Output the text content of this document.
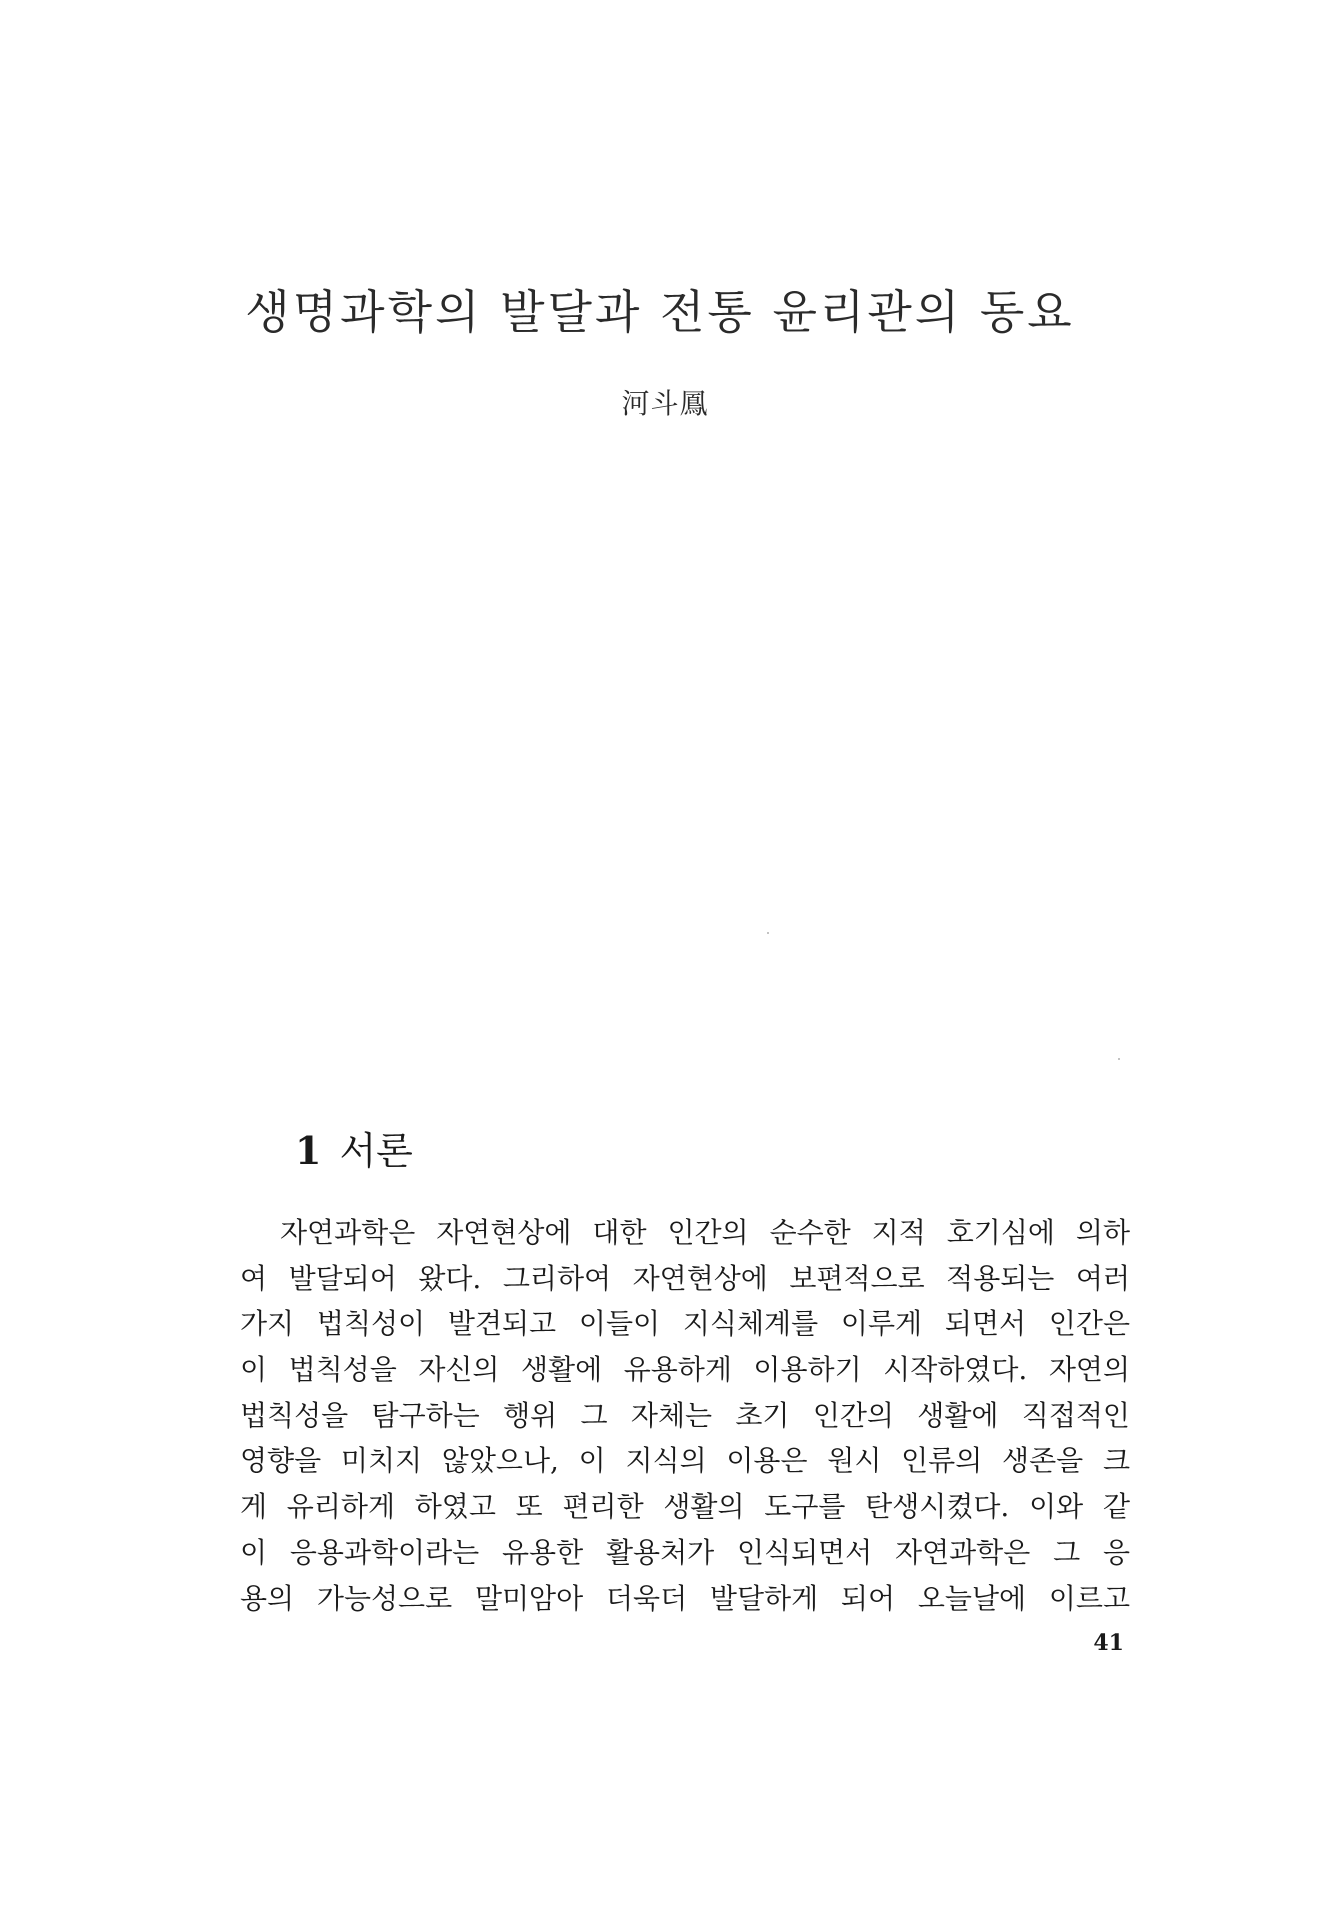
생명과학의 발달과 전통 윤리관의 동요
河斗鳳
1 서론
자연과학은 자연현상에 대한 인간의 순수한 지적 호기심에 의하
여 발달되어 왔다. 그리하여 자연현상에 보편적으로 적용되는 여러
가지 법칙성이 발견되고 이들이 지식체계를 이루게 되면서 인간은
이 법칙성을 자신의 생활에 유용하게 이용하기 시작하였다. 자연의
법칙성을 탐구하는 행위 그 자체는 초기 인간의 생활에 직접적인
영향을 미치지 않았으나, 이 지식의 이용은 원시 인류의 생존을 크
게 유리하게 하였고 또 편리한 생활의 도구를 탄생시켰다. 이와 같
이 응용과학이라는 유용한 활용처가 인식되면서 자연과학은 그 응
용의 가능성으로 말미암아 더욱더 발달하게 되어 오늘날에 이르고
41
